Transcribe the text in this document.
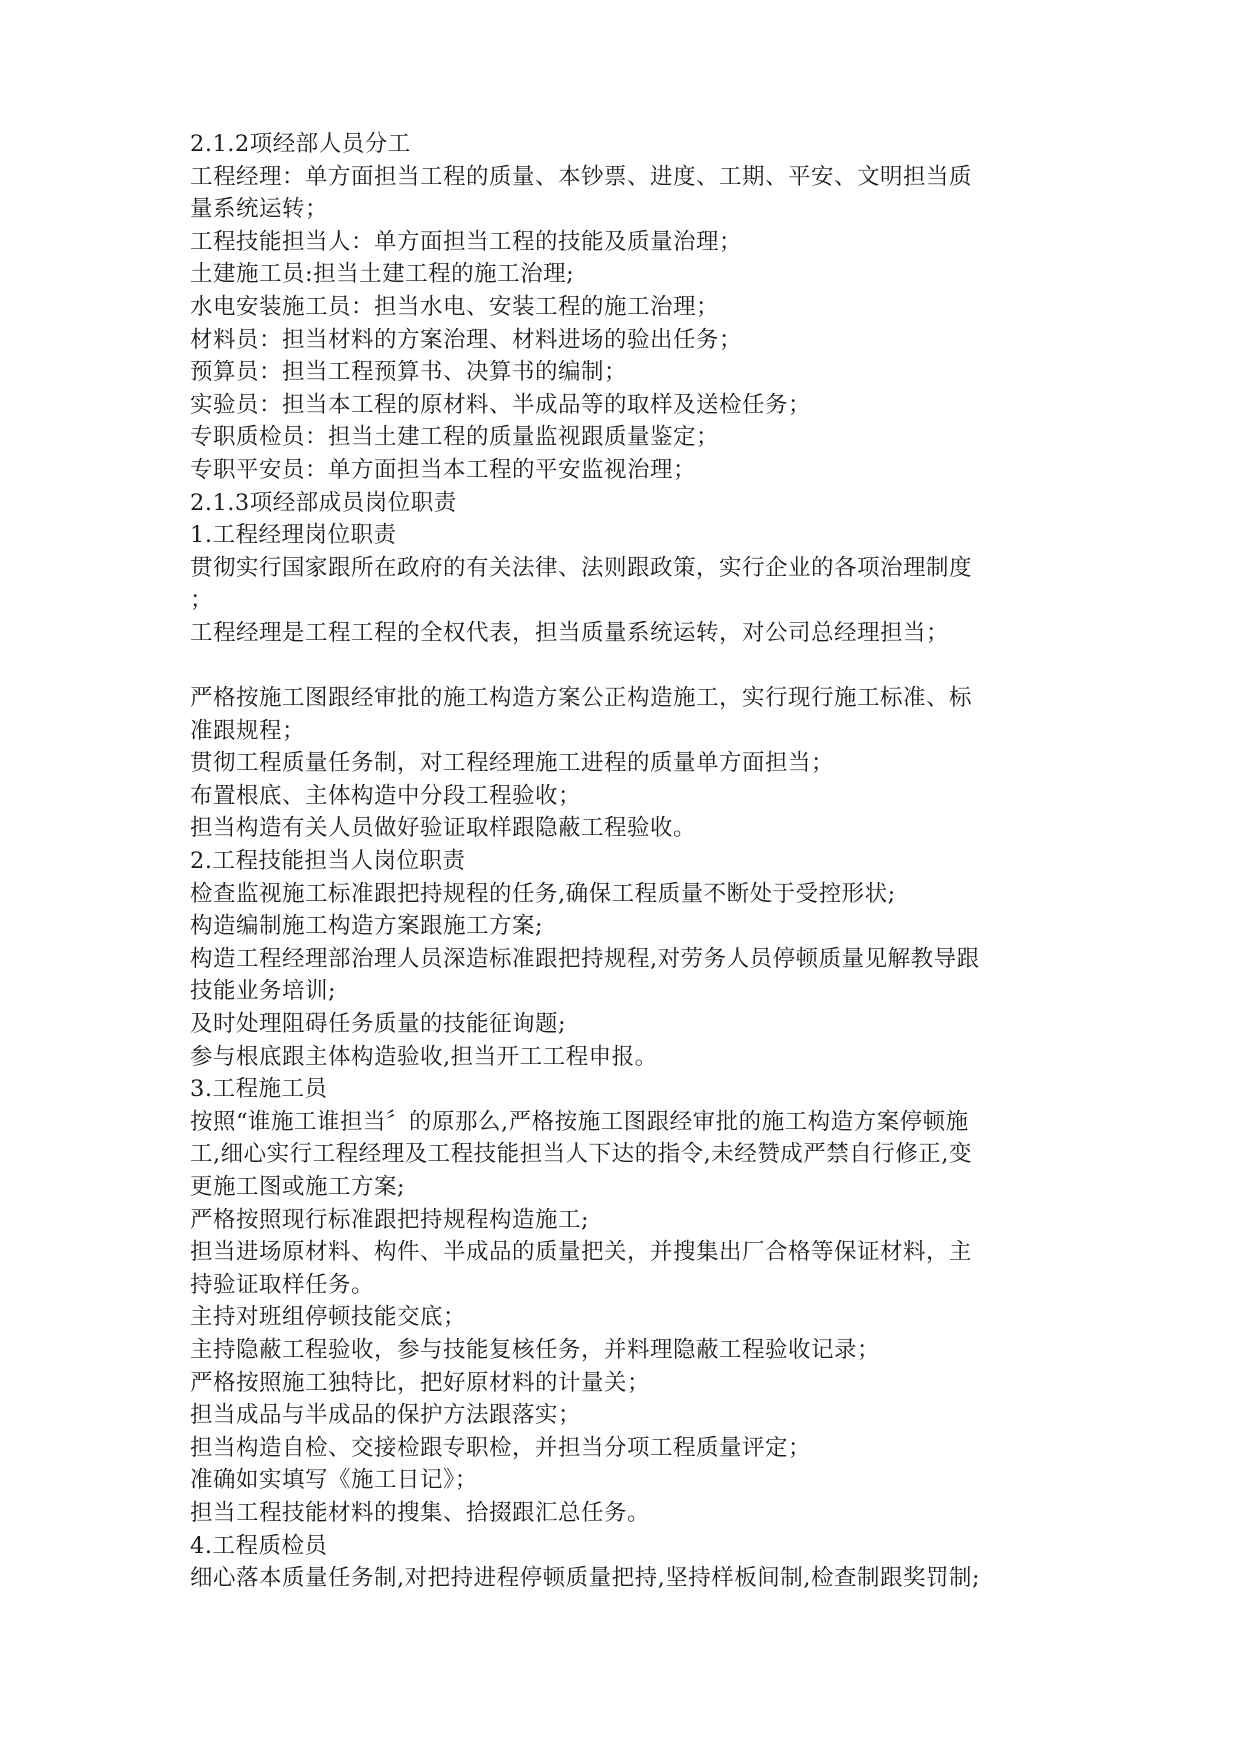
2.1.2项经部人员分工
工程经理：单方面担当工程的质量、本钞票、进度、工期、平安、文明担当质
量系统运转；
工程技能担当人：单方面担当工程的技能及质量治理；
土建施工员:担当土建工程的施工治理;
水电安装施工员：担当水电、安装工程的施工治理；
材料员：担当材料的方案治理、材料进场的验出任务；
预算员：担当工程预算书、决算书的编制；
实验员：担当本工程的原材料、半成品等的取样及送检任务；
专职质检员：担当土建工程的质量监视跟质量鉴定；
专职平安员：单方面担当本工程的平安监视治理；
2.1.3项经部成员岗位职责
1.工程经理岗位职责
贯彻实行国家跟所在政府的有关法律、法则跟政策，实行企业的各项治理制度
；
工程经理是工程工程的全权代表，担当质量系统运转，对公司总经理担当；
严格按施工图跟经审批的施工构造方案公正构造施工，实行现行施工标准、标
准跟规程；
贯彻工程质量任务制，对工程经理施工进程的质量单方面担当；
布置根底、主体构造中分段工程验收；
担当构造有关人员做好验证取样跟隐蔽工程验收。
2.工程技能担当人岗位职责
检查监视施工标准跟把持规程的任务,确保工程质量不断处于受控形状;
构造编制施工构造方案跟施工方案;
构造工程经理部治理人员深造标准跟把持规程,对劳务人员停顿质量见解教导跟
技能业务培训;
及时处理阻碍任务质量的技能征询题;
参与根底跟主体构造验收,担当开工工程申报。
3.工程施工员
按照“谁施工谁担当〞的原那么,严格按施工图跟经审批的施工构造方案停顿施
工,细心实行工程经理及工程技能担当人下达的指令,未经赞成严禁自行修正,变
更施工图或施工方案;
严格按照现行标准跟把持规程构造施工;
担当进场原材料、构件、半成品的质量把关，并搜集出厂合格等保证材料，主
持验证取样任务。
主持对班组停顿技能交底；
主持隐蔽工程验收，参与技能复核任务，并料理隐蔽工程验收记录；
严格按照施工独特比，把好原材料的计量关；
担当成品与半成品的保护方法跟落实；
担当构造自检、交接检跟专职检，并担当分项工程质量评定；
准确如实填写《施工日记》；
担当工程技能材料的搜集、拾掇跟汇总任务。
4.工程质检员
细心落本质量任务制,对把持进程停顿质量把持,坚持样板间制,检查制跟奖罚制;
